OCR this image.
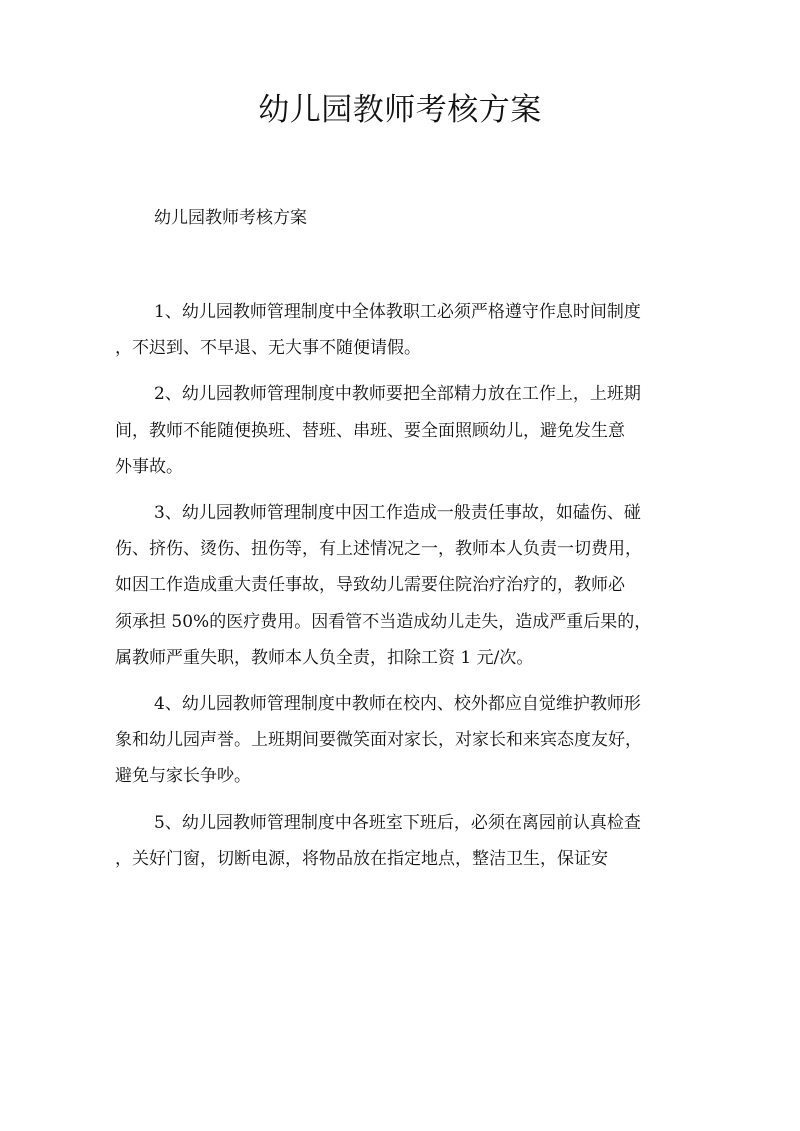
幼儿园教师考核方案

幼儿园教师考核方案

1、幼儿园教师管理制度中全体教职工必须严格遵守作息时间制度
，不迟到、不早退、无大事不随便请假。

2、幼儿园教师管理制度中教师要把全部精力放在工作上，上班期
间，教师不能随便换班、替班、串班、要全面照顾幼儿，避免发生意
外事故。

3、幼儿园教师管理制度中因工作造成一般责任事故，如磕伤、碰
伤、挤伤、烫伤、扭伤等，有上述情况之一，教师本人负责一切费用，
如因工作造成重大责任事故，导致幼儿需要住院治疗治疗的，教师必
须承担 50%的医疗费用。因看管不当造成幼儿走失，造成严重后果的，
属教师严重失职，教师本人负全责，扣除工资 1 元/次。

4、幼儿园教师管理制度中教师在校内、校外都应自觉维护教师形
象和幼儿园声誉。上班期间要微笑面对家长，对家长和来宾态度友好，
避免与家长争吵。

5、幼儿园教师管理制度中各班室下班后，必须在离园前认真检查
，关好门窗，切断电源，将物品放在指定地点，整洁卫生，保证安
